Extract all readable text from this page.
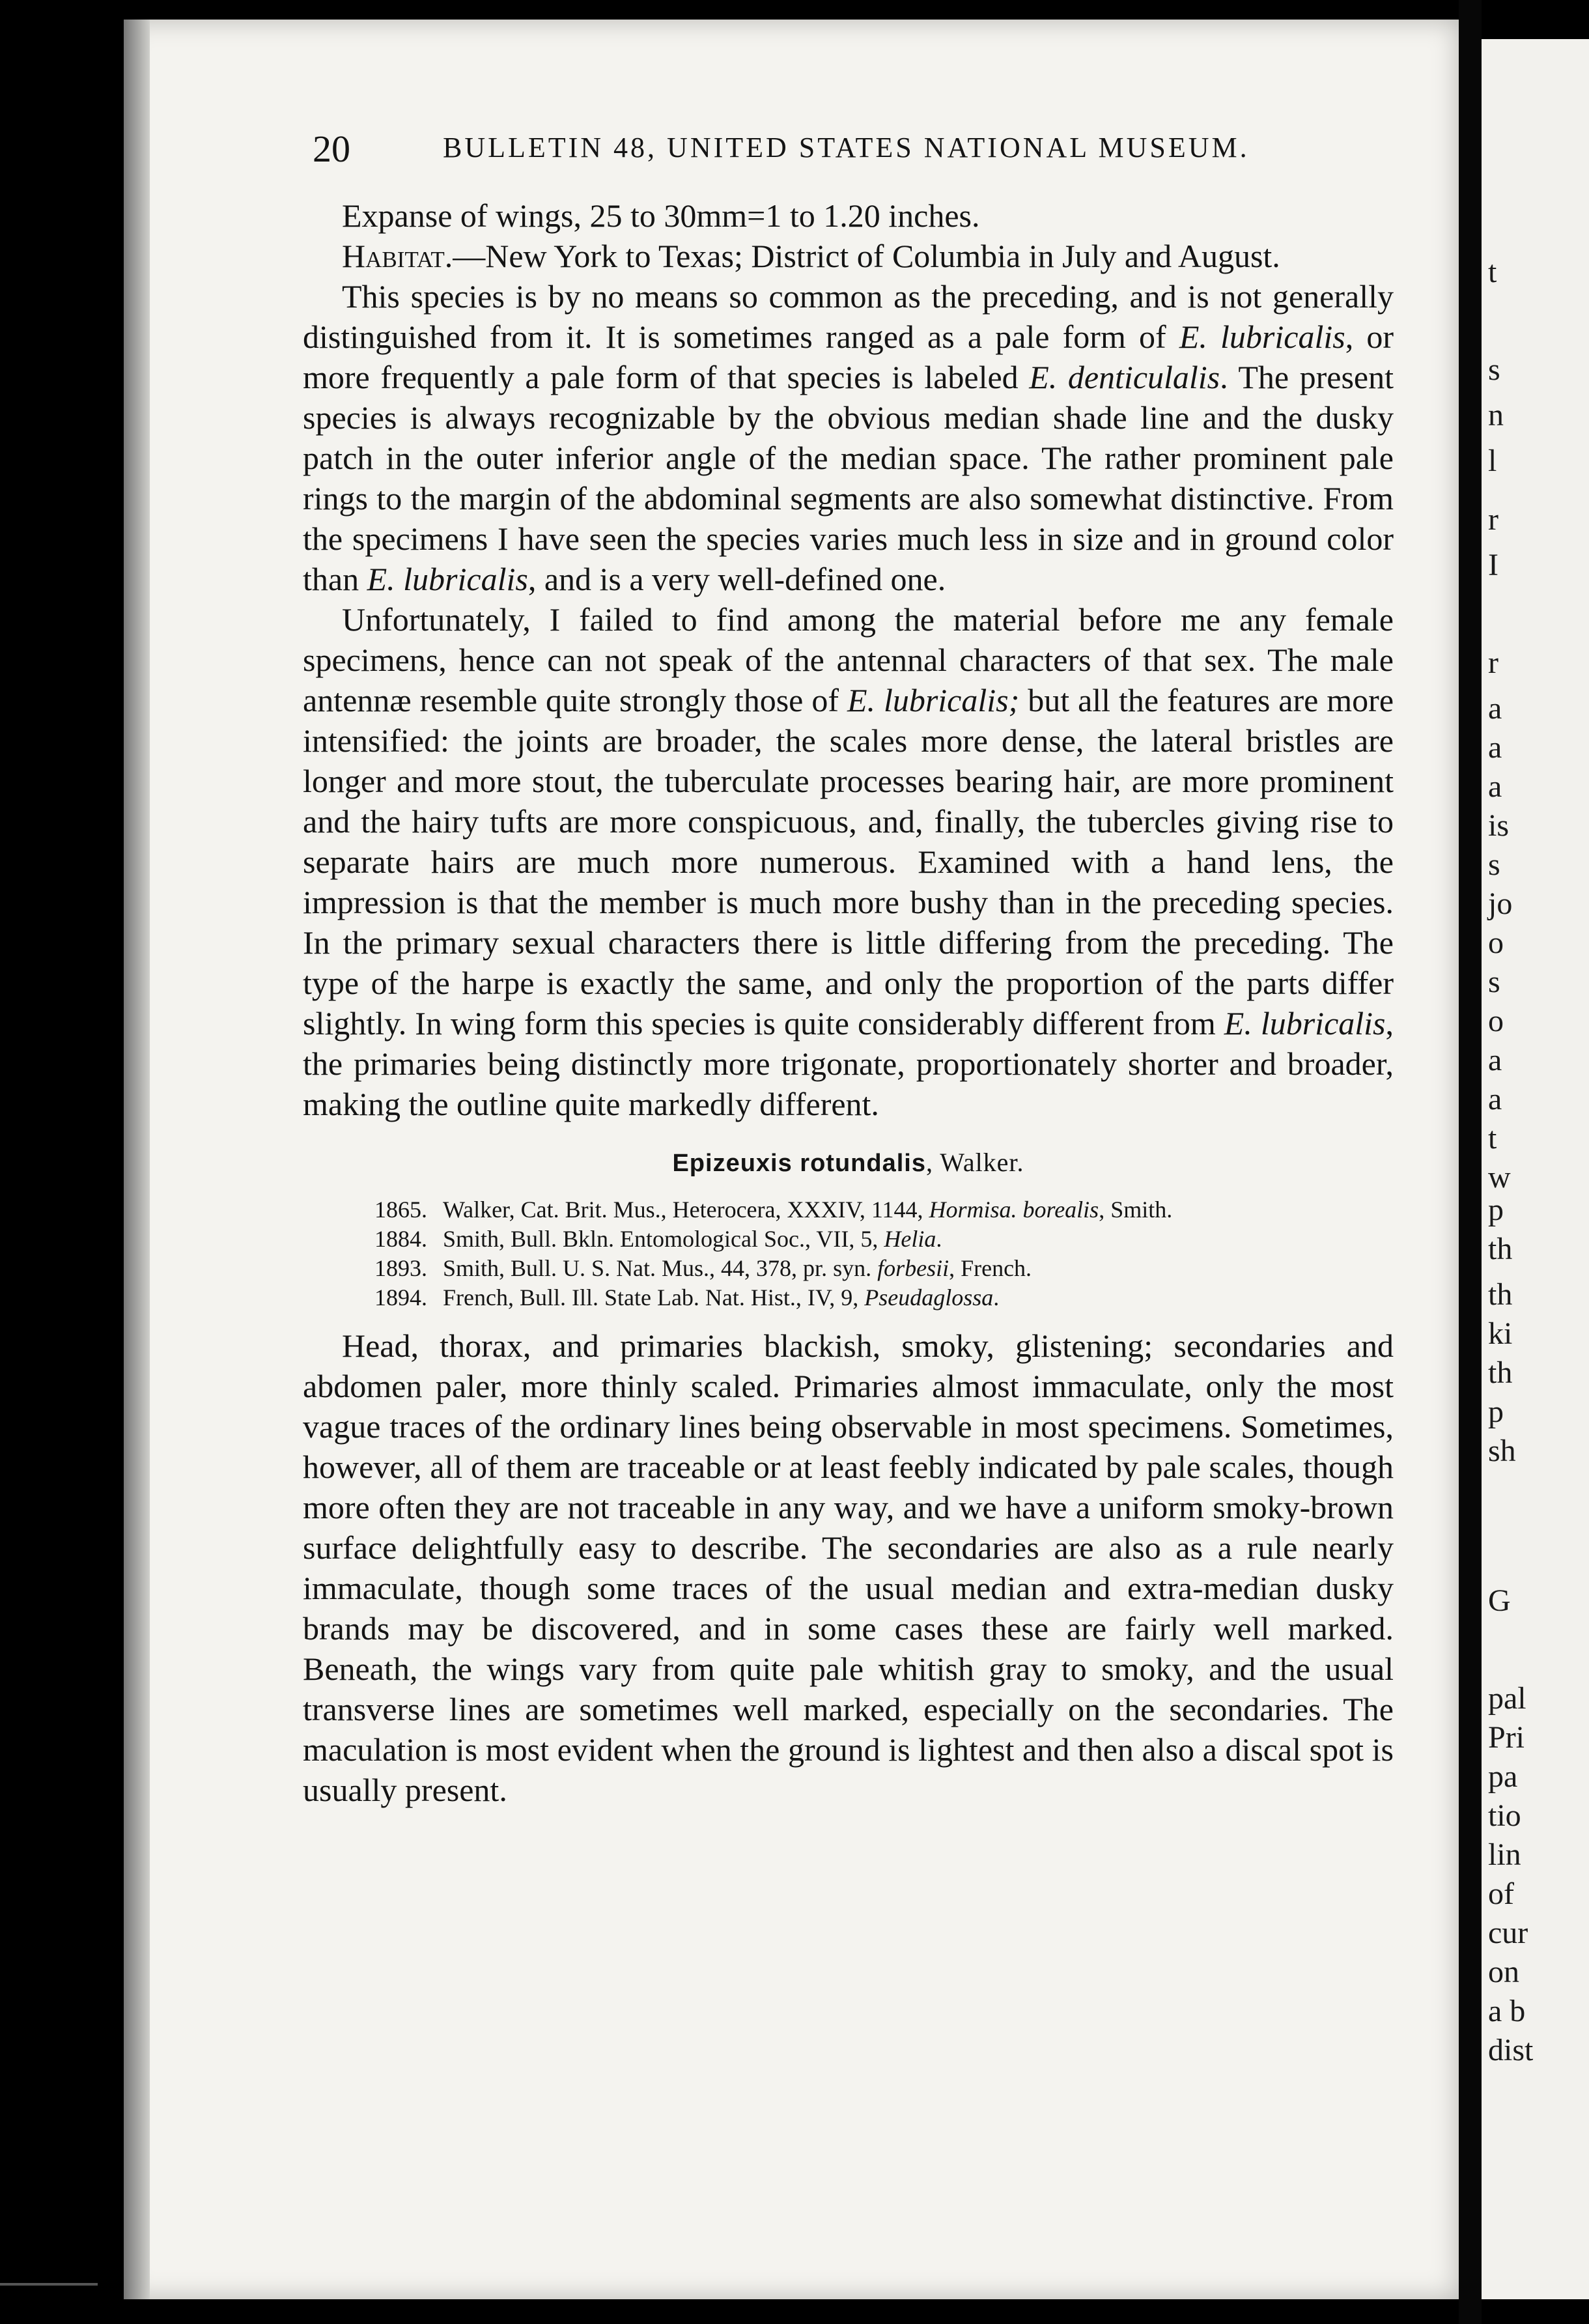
t
s
n
l
r
I
r
a
a
a
is
s
jo
o
s
o
a
a
t
w
p
th
th
ki
th
p
sh
G
pal
Pri
pa
tio
lin
of
cur
on
a b
dist
20	BULLETIN 48, UNITED STATES NATIONAL MUSEUM.

Expanse of wings, 25 to 30mm=1 to 1.20 inches.

Habitat.—New York to Texas; District of Columbia in July and August.

This species is by no means so common as the preceding, and is not generally distinguished from it. It is sometimes ranged as a pale form of E. lubricalis, or more frequently a pale form of that species is labeled E. denticulalis. The present species is always recognizable by the obvious median shade line and the dusky patch in the outer inferior angle of the median space. The rather prominent pale rings to the margin of the abdominal segments are also somewhat distinctive. From the specimens I have seen the species varies much less in size and in ground color than E. lubricalis, and is a very well-defined one.

Unfortunately, I failed to find among the material before me any female specimens, hence can not speak of the antennal characters of that sex. The male antennæ resemble quite strongly those of E. lubricalis; but all the features are more intensified: the joints are broader, the scales more dense, the lateral bristles are longer and more stout, the tuberculate processes bearing hair, are more prominent and the hairy tufts are more conspicuous, and, finally, the tubercles giving rise to separate hairs are much more numerous. Examined with a hand lens, the impression is that the member is much more bushy than in the preceding species. In the primary sexual characters there is little differing from the preceding. The type of the harpe is exactly the same, and only the proportion of the parts differ slightly. In wing form this species is quite considerably different from E. lubricalis, the primaries being distinctly more trigonate, proportionately shorter and broader, making the outline quite markedly different.

Epizeuxis rotundalis, Walker.
1865. Walker, Cat. Brit. Mus., Heterocera, XXXIV, 1144, Hormisa. borealis, Smith.
1884. Smith, Bull. Bkln. Entomological Soc., VII, 5, Helia.
1893. Smith, Bull. U. S. Nat. Mus., 44, 378, pr. syn. forbesii, French.
1894. French, Bull. Ill. State Lab. Nat. Hist., IV, 9, Pseudaglossa.

Head, thorax, and primaries blackish, smoky, glistening; secondaries and abdomen paler, more thinly scaled. Primaries almost immaculate, only the most vague traces of the ordinary lines being observable in most specimens. Sometimes, however, all of them are traceable or at least feebly indicated by pale scales, though more often they are not traceable in any way, and we have a uniform smoky-brown surface delightfully easy to describe. The secondaries are also as a rule nearly immaculate, though some traces of the usual median and extra-median dusky brands may be discovered, and in some cases these are fairly well marked. Beneath, the wings vary from quite pale whitish gray to smoky, and the usual transverse lines are sometimes well marked, especially on the secondaries. The maculation is most evident when the ground is lightest and then also a discal spot is usually present.
